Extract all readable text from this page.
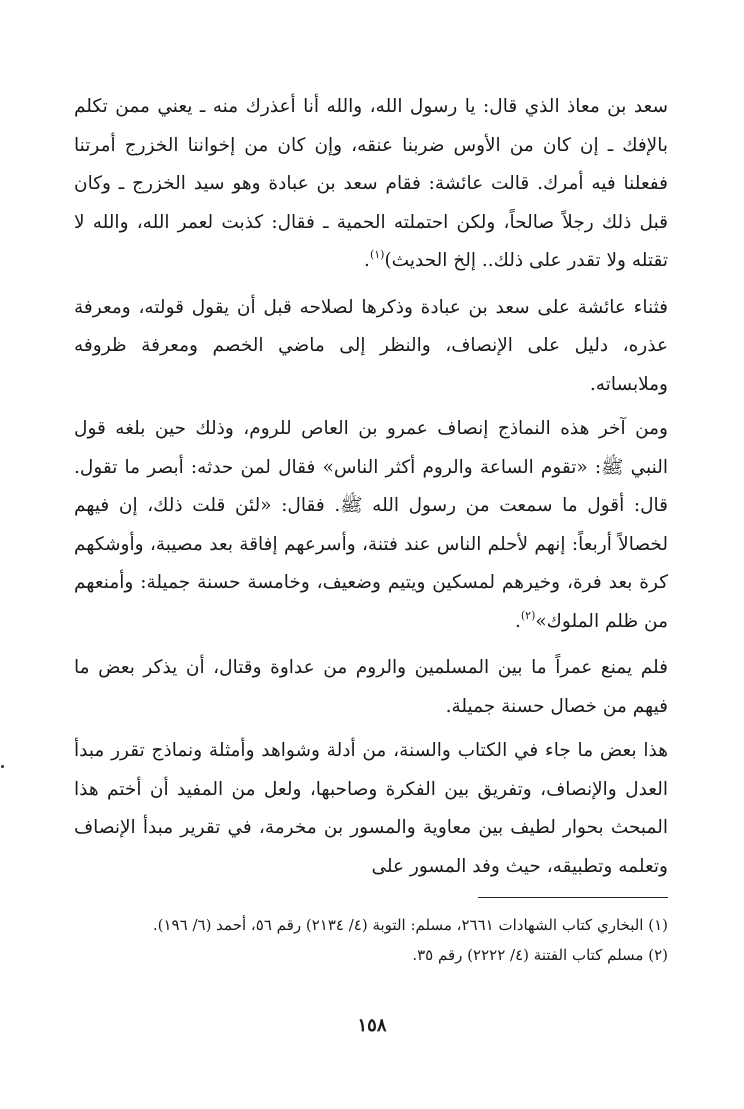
سعد بن معاذ الذي قال: يا رسول الله، والله أنا أعذرك منه ـ يعني ممن تكلم بالإفك ـ إن كان من الأوس ضربنا عنقه، وإن كان من إخواننا الخزرج أمرتنا ففعلنا فيه أمرك. قالت عائشة: فقام سعد بن عبادة وهو سيد الخزرج ـ وكان قبل ذلك رجلاً صالحاً، ولكن احتملته الحمية ـ فقال: كذبت لعمر الله، والله لا تقتله ولا تقدر على ذلك.. إلخ الحديث)$^{(١)}$.

فثناء عائشة على سعد بن عبادة وذكرها لصلاحه قبل أن يقول قولته، ومعرفة عذره، دليل على الإنصاف، والنظر إلى ماضي الخصم ومعرفة ظروفه وملابساته.

ومن آخر هذه النماذج إنصاف عمرو بن العاص للروم، وذلك حين بلغه قول النبي ﷺ: «تقوم الساعة والروم أكثر الناس» فقال لمن حدثه: أبصر ما تقول. قال: أقول ما سمعت من رسول الله ﷺ. فقال: «لئن قلت ذلك، إن فيهم لخصالاً أربعاً: إنهم لأحلم الناس عند فتنة، وأسرعهم إفاقة بعد مصيبة، وأوشكهم كرة بعد فرة، وخيرهم لمسكين ويتيم وضعيف، وخامسة حسنة جميلة: وأمنعهم من ظلم الملوك»$^{(٢)}$.

فلم يمنع عمراً ما بين المسلمين والروم من عداوة وقتال، أن يذكر بعض ما فيهم من خصال حسنة جميلة.

هذا بعض ما جاء في الكتاب والسنة، من أدلة وشواهد وأمثلة ونماذج تقرر مبدأ العدل والإنصاف، وتفريق بين الفكرة وصاحبها، ولعل من المفيد أن أختم هذا المبحث بحوار لطيف بين معاوية والمسور بن مخرمة، في تقرير مبدأ الإنصاف وتعلمه وتطبيقه، حيث وفد المسور على

(١) البخاري كتاب الشهادات ٢٦٦١، مسلم: التوبة (٤/ ٢١٣٤) رقم ٥٦، أحمد (٦/ ١٩٦).

(٢) مسلم كتاب الفتنة (٤/ ٢٢٢٢) رقم ٣٥.

١٥٨
